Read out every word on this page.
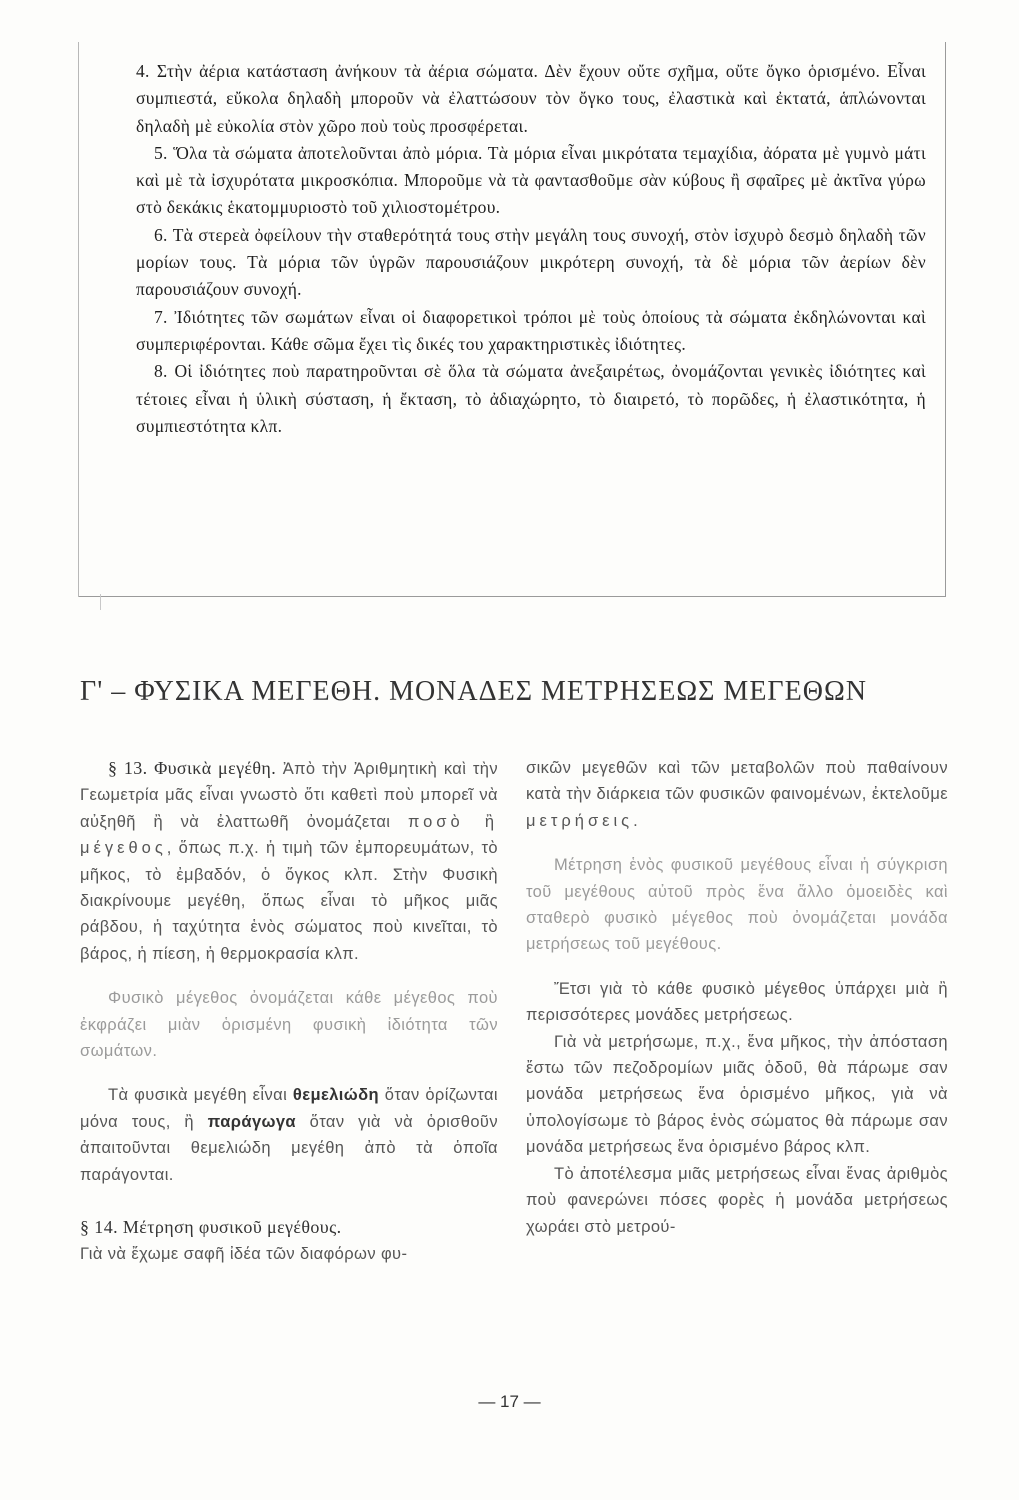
4. Στὴν ἀέρια κατάσταση ἀνήκουν τὰ ἀέρια σώματα. Δὲν ἔχουν οὔτε σχῆμα, οὔτε ὄγκο ὁρισμένο. Εἶναι συμπιεστά, εὔκολα δηλαδὴ μποροῦν νὰ ἐλαττώσουν τὸν ὄγκο τους, ἐλαστικὰ καὶ ἐκτατά, ἁπλώνονται δηλαδὴ μὲ εὐκολία στὸν χῶρο ποὺ τοὺς προσφέρεται.

5. Ὅλα τὰ σώματα ἀποτελοῦνται ἀπὸ μόρια. Τὰ μόρια εἶναι μικρότατα τεμαχίδια, ἀόρατα μὲ γυμνὸ μάτι καὶ μὲ τὰ ἰσχυρότατα μικροσκόπια. Μποροῦμε νὰ τὰ φαντασθοῦμε σὰν κύβους ἢ σφαῖρες μὲ ἀκτῖνα γύρω στὸ δεκάκις ἑκατομμυριοστὸ τοῦ χιλιοστομέτρου.

6. Τὰ στερεὰ ὀφείλουν τὴν σταθερότητά τους στὴν μεγάλη τους συνοχή, στὸν ἰσχυρὸ δεσμὸ δηλαδὴ τῶν μορίων τους. Τὰ μόρια τῶν ὑγρῶν παρουσιάζουν μικρότερη συνοχή, τὰ δὲ μόρια τῶν ἀερίων δὲν παρουσιάζουν συνοχή.

7. Ἰδιότητες τῶν σωμάτων εἶναι οἱ διαφορετικοὶ τρόποι μὲ τοὺς ὁποίους τὰ σώματα ἐκδηλώνονται καὶ συμπεριφέρονται. Κάθε σῶμα ἔχει τὶς δικές του χαρακτηριστικὲς ἰδιότητες.

8. Οἱ ἰδιότητες ποὺ παρατηροῦνται σὲ ὅλα τὰ σώματα ἀνεξαιρέτως, ὀνομάζονται γενικὲς ἰδιότητες καὶ τέτοιες εἶναι ἡ ὑλικὴ σύσταση, ἡ ἔκταση, τὸ ἀδιαχώρητο, τὸ διαιρετό, τὸ πορῶδες, ἡ ἐλαστικότητα, ἡ συμπιεστότητα κλπ.

Γ' – ΦΥΣΙΚΑ ΜΕΓΕΘΗ. ΜΟΝΑΔΕΣ ΜΕΤΡΗΣΕΩΣ ΜΕΓΕΘΩΝ

§ 13. Φυσικὰ μεγέθη. Ἀπὸ τὴν Ἀριθμητικὴ καὶ τὴν Γεωμετρία μᾶς εἶναι γνωστὸ ὅτι καθετὶ ποὺ μπορεῖ νὰ αὐξηθῆ ἢ νὰ ἐλαττωθῆ ὀνομάζεται ποσὸ ἢ μέγεθος, ὅπως π.χ. ἡ τιμὴ τῶν ἐμπορευμάτων, τὸ μῆκος, τὸ ἐμβαδόν, ὁ ὄγκος κλπ. Στὴν Φυσικὴ διακρίνουμε μεγέθη, ὅπως εἶναι τὸ μῆκος μιᾶς ράβδου, ἡ ταχύτητα ἑνὸς σώματος ποὺ κινεῖται, τὸ βάρος, ἡ πίεση, ἡ θερμοκρασία κλπ.

Φυσικὸ μέγεθος ὀνομάζεται κάθε μέγεθος ποὺ ἐκφράζει μιὰν ὁρισμένη φυσικὴ ἰδιότητα τῶν σωμάτων.

Τὰ φυσικὰ μεγέθη εἶναι θεμελιώδη ὅταν ὁρίζωνται μόνα τους, ἢ παράγωγα ὅταν γιὰ νὰ ὁρισθοῦν ἀπαιτοῦνται θεμελιώδη μεγέθη ἀπὸ τὰ ὁποῖα παράγονται.

§ 14. Μέτρηση φυσικοῦ μεγέθους.

Γιὰ νὰ ἔχωμε σαφῆ ἰδέα τῶν διαφόρων φυ-

σικῶν μεγεθῶν καὶ τῶν μεταβολῶν ποὺ παθαίνουν κατὰ τὴν διάρκεια τῶν φυσικῶν φαινομένων, ἐκτελοῦμε μετρήσεις.

Μέτρηση ἑνὸς φυσικοῦ μεγέθους εἶναι ἡ σύγκριση τοῦ μεγέθους αὐτοῦ πρὸς ἕνα ἄλλο ὁμοειδὲς καὶ σταθερὸ φυσικὸ μέγεθος ποὺ ὀνομάζεται μονάδα μετρήσεως τοῦ μεγέθους.

Ἔτσι γιὰ τὸ κάθε φυσικὸ μέγεθος ὑπάρχει μιὰ ἢ περισσότερες μονάδες μετρήσεως.

Γιὰ νὰ μετρήσωμε, π.χ., ἕνα μῆκος, τὴν ἀπόσταση ἔστω τῶν πεζοδρομίων μιᾶς ὁδοῦ, θὰ πάρωμε σαν μονάδα μετρήσεως ἕνα ὁρισμένο μῆκος, γιὰ νὰ ὑπολογίσωμε τὸ βάρος ἑνὸς σώματος θὰ πάρωμε σαν μονάδα μετρήσεως ἕνα ὁρισμένο βάρος κλπ.

Τὸ ἀποτέλεσμα μιᾶς μετρήσεως εἶναι ἕνας ἀριθμὸς ποὺ φανερώνει πόσες φορὲς ἡ μονάδα μετρήσεως χωράει στὸ μετρού-

— 17 —
